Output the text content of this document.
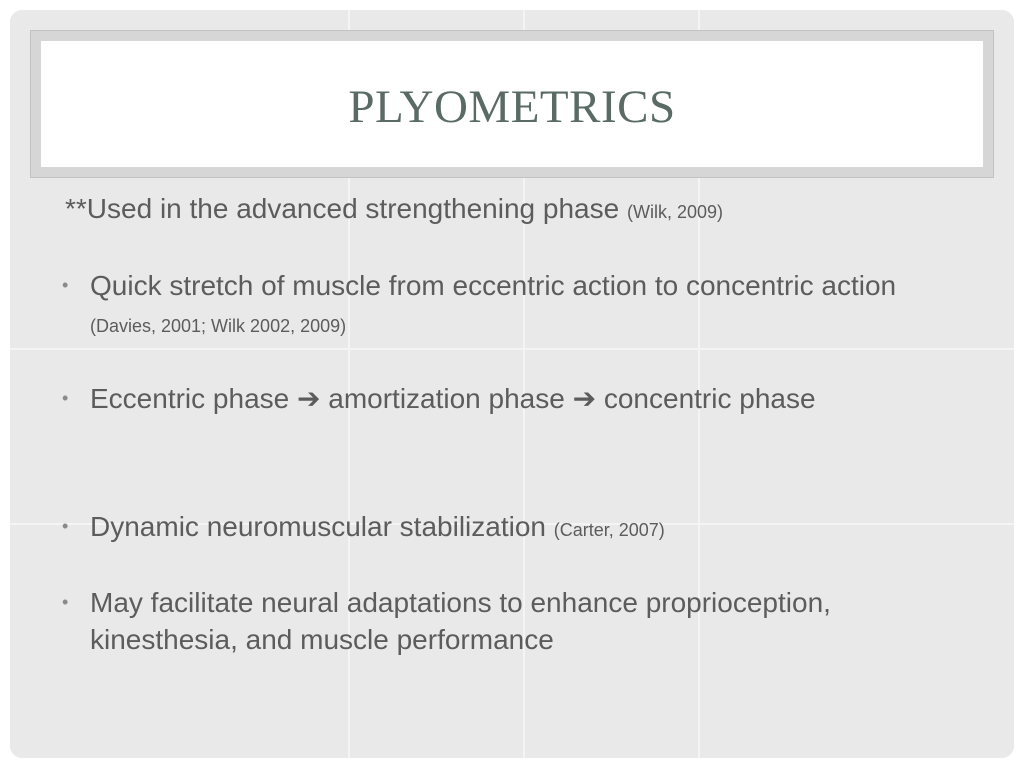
PLYOMETRICS
**Used in the advanced strengthening phase (Wilk, 2009)
• Quick stretch of muscle from eccentric action to concentric action (Davies, 2001; Wilk 2002, 2009)
• Eccentric phase ➔ amortization phase ➔ concentric phase
• Dynamic neuromuscular stabilization (Carter, 2007)
• May facilitate neural adaptations to enhance proprioception, kinesthesia, and muscle performance
